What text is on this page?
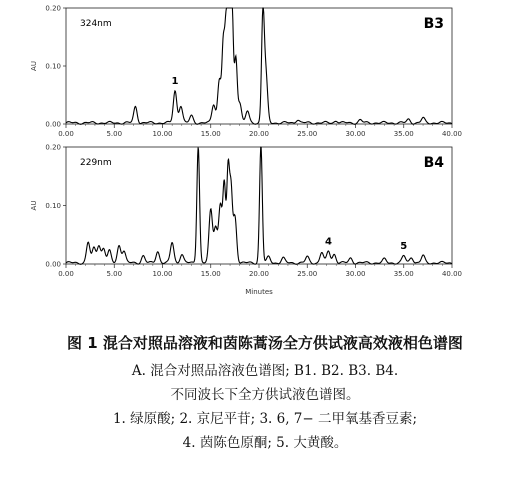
0.00
0.10
0.20
AU
0.00	5.00	10.00	15.00	20.00	25.00	30.00	35.00	40.00
324nm	B3
1
0.00
0.10
0.20
AU
0.00	5.00	10.00	15.00	20.00	25.00	30.00	35.00	40.00
Minutes
229nm	B4
4	5
图 1 混合对照品溶液和茵陈蒿汤全方供试液高效液相色谱图
A. 混合对照品溶液色谱图; B1. B2. B3. B4.
不同波长下全方供试液色谱图。
1. 绿原酸; 2. 京尼平苷; 3. 6, 7− 二甲氧基香豆素;
4. 茵陈色原酮; 5. 大黄酸。
